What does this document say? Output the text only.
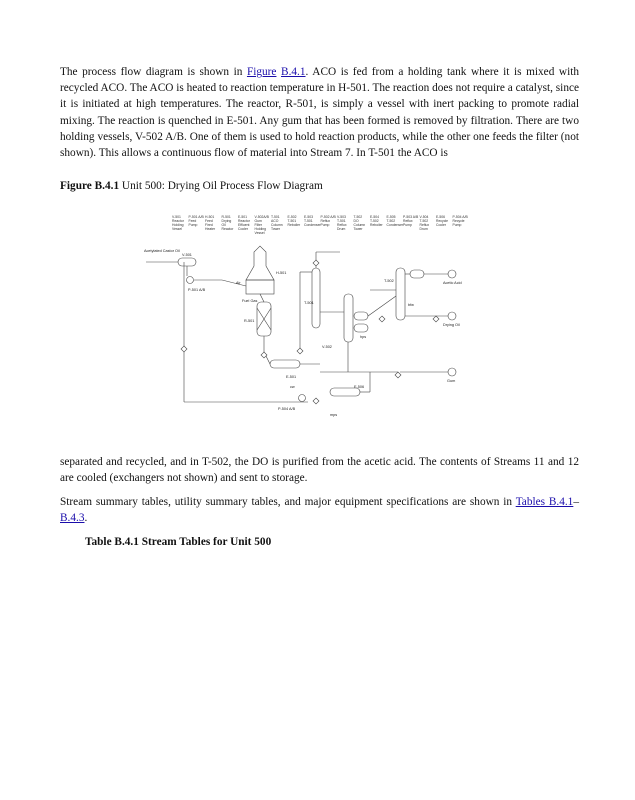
The process flow diagram is shown in Figure B.4.1. ACO is fed from a holding tank where it is mixed with recycled ACO. The ACO is heated to reaction temperature in H-501. The reaction does not require a catalyst, since it is initiated at high temperatures. The reactor, R-501, is simply a vessel with inert packing to promote radial mixing. The reaction is quenched in E-501. Any gum that has been formed is removed by filtration. There are two holding vessels, V-502 A/B. One of them is used to hold reaction products, while the other one feeds the filter (not shown). This allows a continuous flow of material into Stream 7. In T-501 the ACO is

Figure B.4.1 Unit 500: Drying Oil Process Flow Diagram

V-501 Reactor Holding Vessel
P-501 A/B Feed Pump
H-501 Feed Fired Heater
R-501 Drying Oil Reactor
E-501 Reactor Effluent Cooler
V-502A/B Gum Filter Holding Vessel
T-501 ACO Column Tower
E-502 T-501 Reboiler
E-503 T-501 Condenser
P-502 A/B Reflux Pump
V-503 T-501 Reflux Drum
T-502 DO Column Tower
E-504 T-502 Reboiler
E-505 T-502 Condenser
P-503 A/B Reflux Pump
V-504 T-502 Reflux Drum
E-506 Recycle Cooler
P-504 A/B Recycle Pump
Acetylated Castor Oil
Acetic Acid
Drying Oil
Gum
H-501
R-501
V-501
P-501 A/B
E-501
T-501
T-502
E-506
P-504 A/B
V-502
Fuel Gas
cw
mps
hps
Air
bfw

separated and recycled, and in T-502, the DO is purified from the acetic acid. The contents of Streams 11 and 12 are cooled (exchangers not shown) and sent to storage.

Stream summary tables, utility summary tables, and major equipment specifications are shown in Tables B.4.1–B.4.3.

Table B.4.1 Stream Tables for Unit 500
